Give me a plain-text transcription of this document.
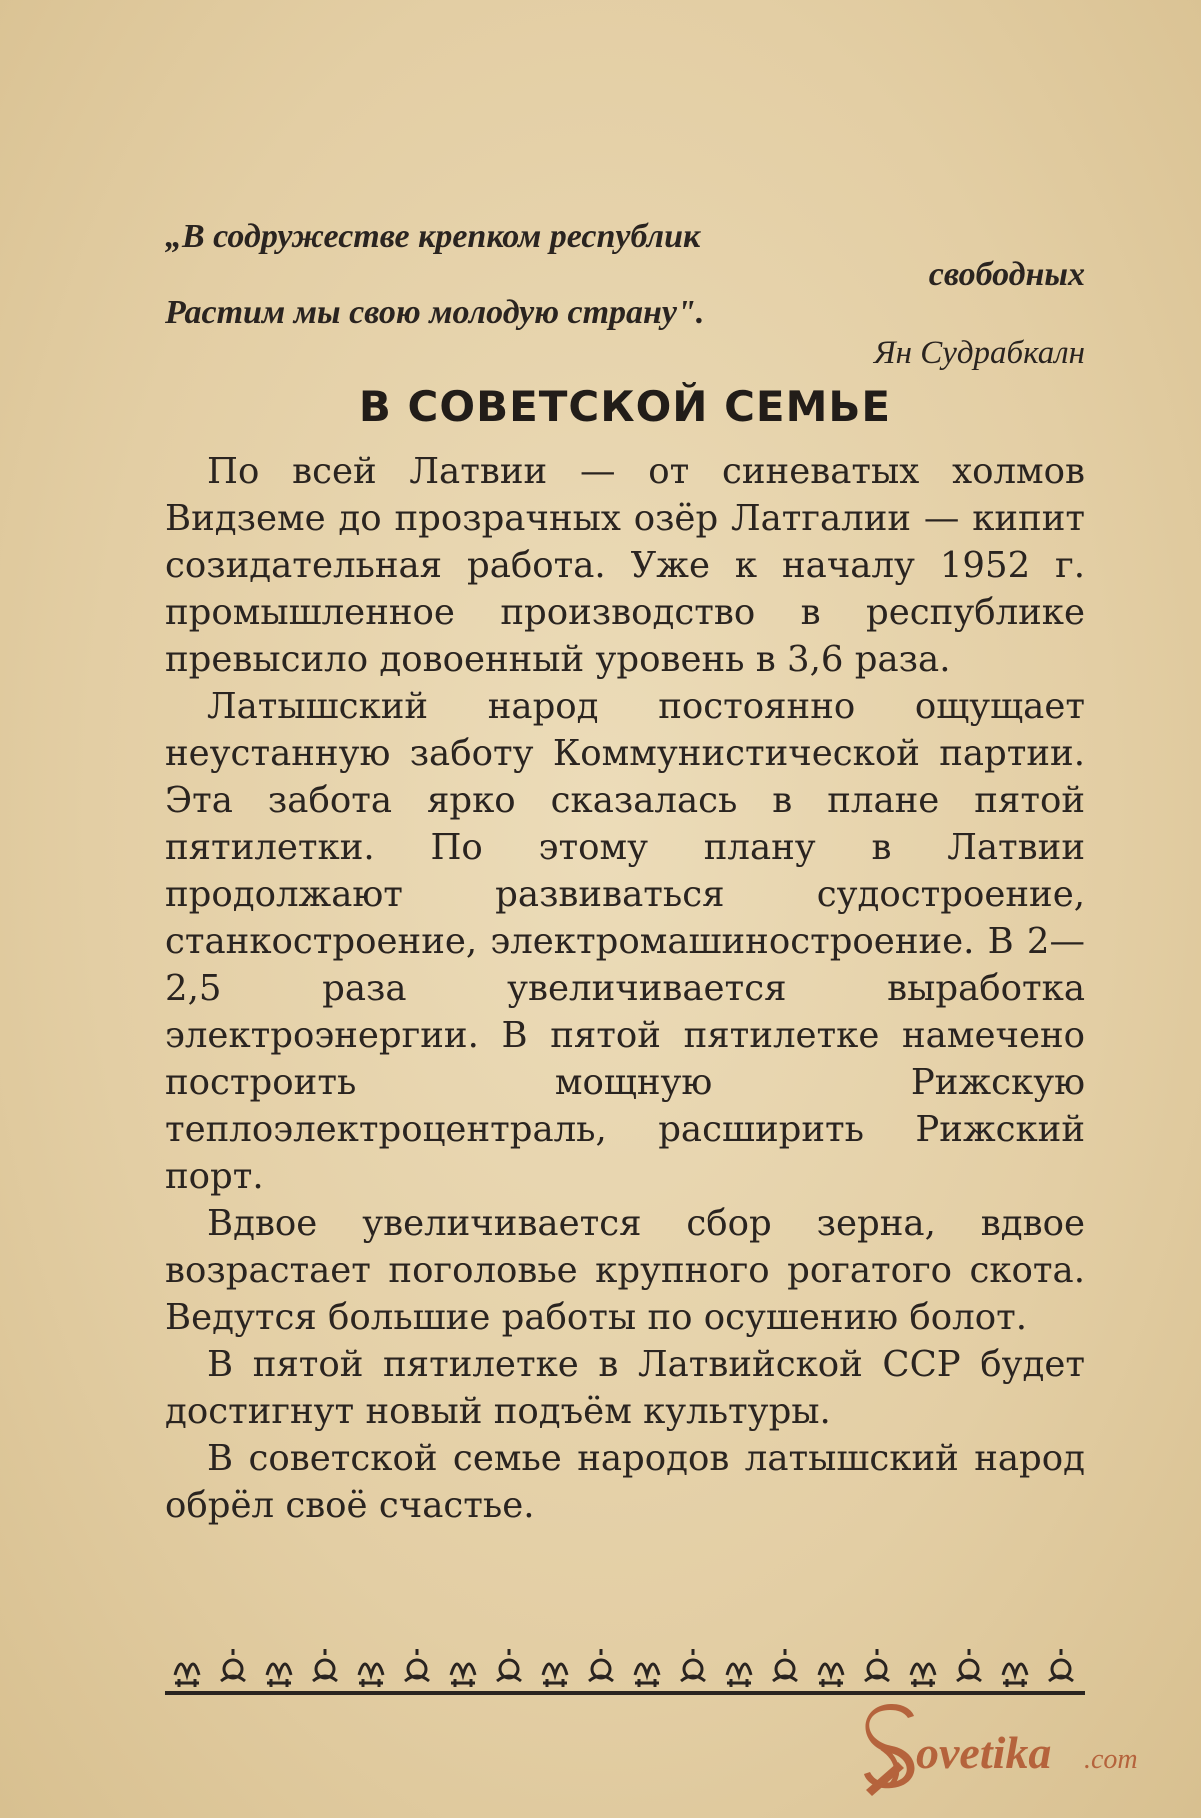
„В содружестве крепком республик
свободных
Растим мы свою молодую страну".
Ян Судрабкалн
В СОВЕТСКОЙ СЕМЬЕ

По всей Латвии — от синеватых холмов Видземе до прозрачных озёр Латгалии — кипит созидательная работа. Уже к началу 1952 г. промышленное производство в республике превысило довоенный уровень в 3,6 раза.

Латышский народ постоянно ощущает неустанную заботу Коммунистической партии. Эта забота ярко сказалась в плане пятой пятилетки. По этому плану в Латвии продолжают развиваться судостроение, станкостроение, электромашиностроение. В 2—2,5 раза увеличивается выработка электроэнергии. В пятой пятилетке намечено построить мощную Рижскую теплоэлектроцентраль, расширить Рижский порт.

Вдвое увеличивается сбор зерна, вдвое возрастает поголовье крупного рогатого скота. Ведутся большие работы по осушению болот.

В пятой пятилетке в Латвийской ССР будет достигнут новый подъём культуры.

В советской семье народов латышский народ обрёл своё счастье.

ovetika .com
